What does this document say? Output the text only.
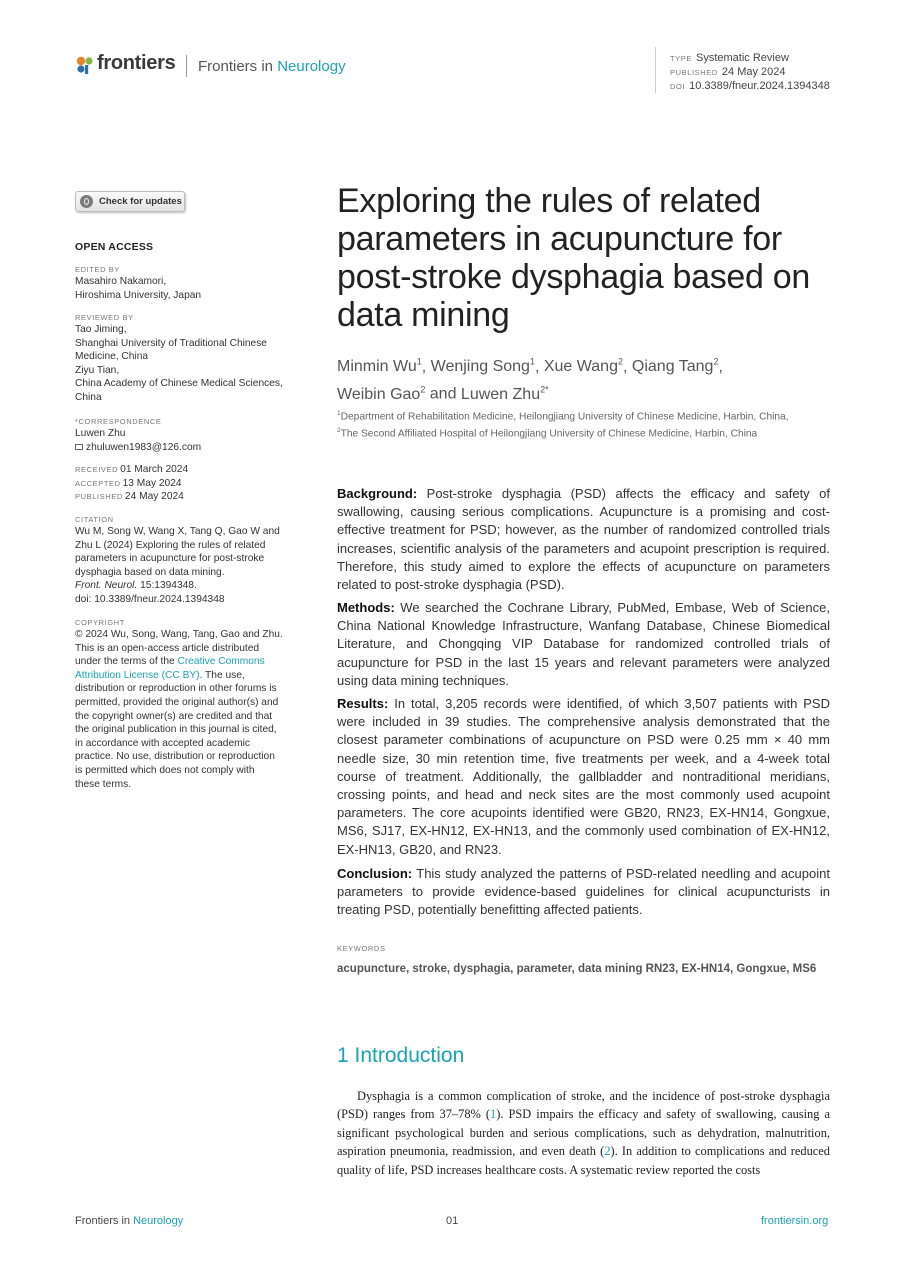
frontiers Frontiers in Neurology	TYPE Systematic Review
PUBLISHED 24 May 2024
DOI 10.3389/fneur.2024.1394348
Check for updates
OPEN ACCESS
EDITED BY
Masahiro Nakamori,
Hiroshima University, Japan
REVIEWED BY
Tao Jiming,
Shanghai University of Traditional Chinese
Medicine, China
Ziyu Tian,
China Academy of Chinese Medical Sciences,
China
*CORRESPONDENCE
Luwen Zhu
zhuluwen1983@126.com
RECEIVED 01 March 2024
ACCEPTED 13 May 2024
PUBLISHED 24 May 2024
CITATION
Wu M, Song W, Wang X, Tang Q, Gao W and
Zhu L (2024) Exploring the rules of related
parameters in acupuncture for post-stroke
dysphagia based on data mining.
Front. Neurol. 15:1394348.
doi: 10.3389/fneur.2024.1394348
COPYRIGHT
© 2024 Wu, Song, Wang, Tang, Gao and Zhu.
This is an open-access article distributed
under the terms of the Creative Commons
Attribution License (CC BY). The use,
distribution or reproduction in other forums is
permitted, provided the original author(s) and
the copyright owner(s) are credited and that
the original publication in this journal is cited,
in accordance with accepted academic
practice. No use, distribution or reproduction
is permitted which does not comply with
these terms.
Exploring the rules of related
parameters in acupuncture for
post-stroke dysphagia based on
data mining
Minmin Wu$^1$, Wenjing Song$^1$, Xue Wang$^2$, Qiang Tang$^2$,
Weibin Gao$^2$ and Luwen Zhu$^{2*}$
$^1$Department of Rehabilitation Medicine, Heilongjiang University of Chinese Medicine, Harbin, China,
$^2$The Second Affiliated Hospital of Heilongjiang University of Chinese Medicine, Harbin, China
Background: Post-stroke dysphagia (PSD) affects the efficacy and safety of swallowing, causing serious complications. Acupuncture is a promising and cost-effective treatment for PSD; however, as the number of randomized controlled trials increases, scientific analysis of the parameters and acupoint prescription is required. Therefore, this study aimed to explore the effects of acupuncture on parameters related to post-stroke dysphagia (PSD).
Methods: We searched the Cochrane Library, PubMed, Embase, Web of Science, China National Knowledge Infrastructure, Wanfang Database, Chinese Biomedical Literature, and Chongqing VIP Database for randomized controlled trials of acupuncture for PSD in the last 15 years and relevant parameters were analyzed using data mining techniques.
Results: In total, 3,205 records were identified, of which 3,507 patients with PSD were included in 39 studies. The comprehensive analysis demonstrated that the closest parameter combinations of acupuncture on PSD were 0.25 mm × 40 mm needle size, 30 min retention time, five treatments per week, and a 4-week total course of treatment. Additionally, the gallbladder and nontraditional meridians, crossing points, and head and neck sites are the most commonly used acupoint parameters. The core acupoints identified were GB20, RN23, EX-HN14, Gongxue, MS6, SJ17, EX-HN12, EX-HN13, and the commonly used combination of EX-HN12, EX-HN13, GB20, and RN23.
Conclusion: This study analyzed the patterns of PSD-related needling and acupoint parameters to provide evidence-based guidelines for clinical acupuncturists in treating PSD, potentially benefitting affected patients.
KEYWORDS
acupuncture, stroke, dysphagia, parameter, data mining RN23, EX-HN14, Gongxue, MS6
1 Introduction
Dysphagia is a common complication of stroke, and the incidence of post-stroke dysphagia (PSD) ranges from 37–78% (1). PSD impairs the efficacy and safety of swallowing, causing a significant psychological burden and serious complications, such as dehydration, malnutrition, aspiration pneumonia, readmission, and even death (2). In addition to complications and reduced quality of life, PSD increases healthcare costs. A systematic review reported the costs
Frontiers in Neurology	01	frontiersin.org
